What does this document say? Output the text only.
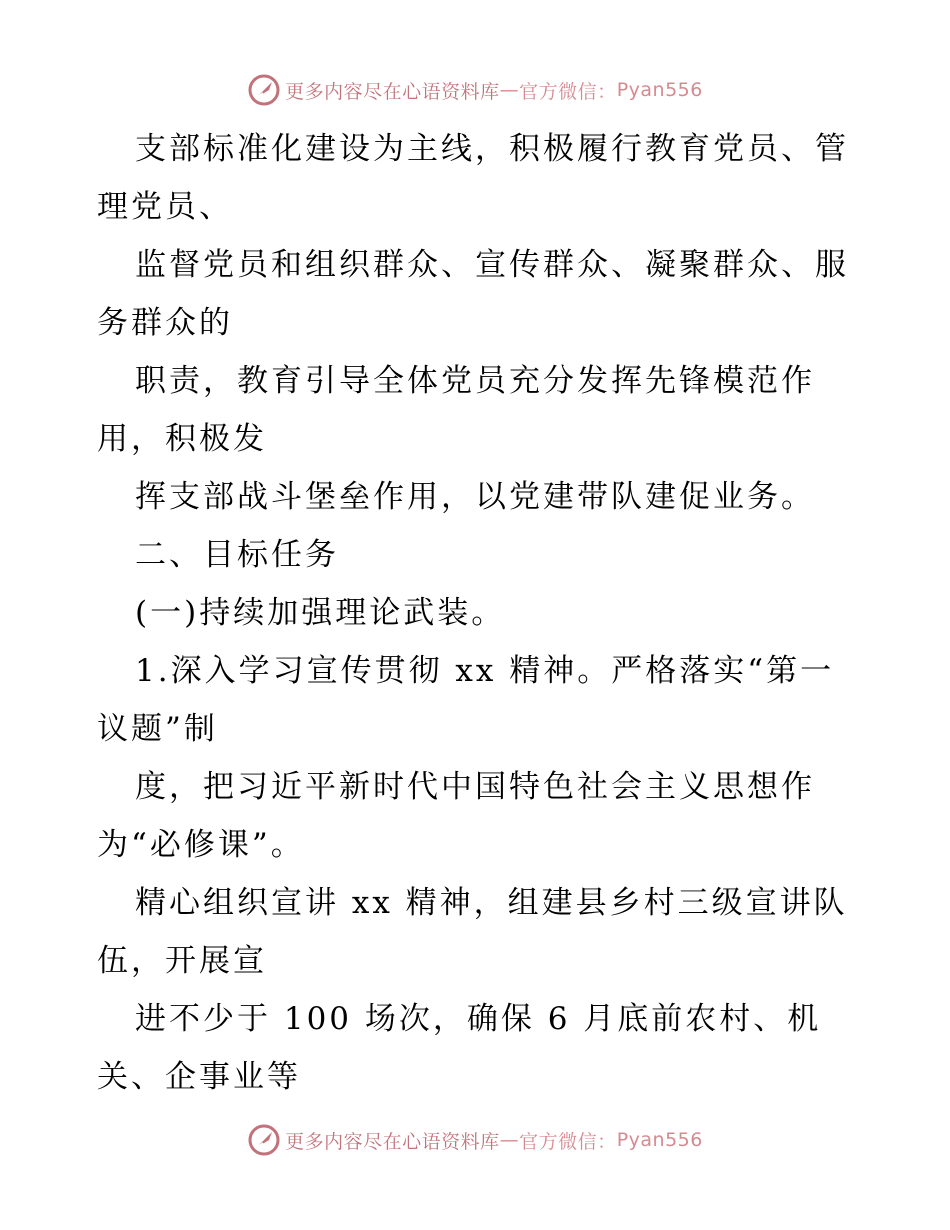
更多内容尽在心语资料库 — 官方微信： Pyan556

支部标准化建设为主线，积极履行教育党员、管

理党员、

监督党员和组织群众、宣传群众、凝聚群众、服

务群众的

职责，教育引导全体党员充分发挥先锋模范作

用，积极发

挥支部战斗堡垒作用，以党建带队建促业务。

二、目标任务

(一)持续加强理论武装。

1.深入学习宣传贯彻 xx 精神。严格落实“第一

议题”制

度，把习近平新时代中国特色社会主义思想作

为“必修课”。

精心组织宣讲 xx 精神，组建县乡村三级宣讲队

伍，开展宣

进不少于 100 场次，确保 6 月底前农村、机

关、企事业等

更多内容尽在心语资料库 — 官方微信： Pyan556
